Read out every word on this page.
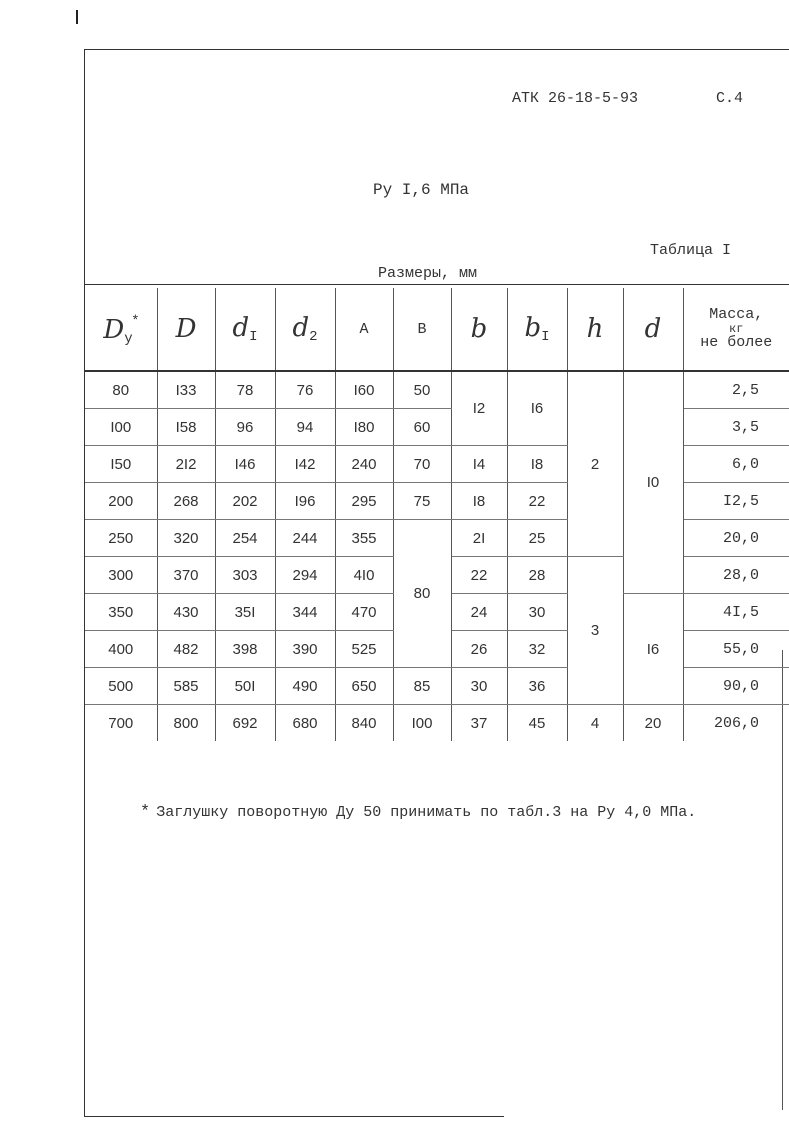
АТК 26-18-5-93	С.4
Ру I,6 МПа
Таблица I
Размеры, мм
Dу*	D	dI	d2	А	В	b	bI	h	d	Масса,
кг
не более

80	I33	78	76	I60	50	I2	I6	2	I0	2,5
I00	I58	96	94	I80	60					3,5
I50	2I2	I46	I42	240	70	I4	I8			6,0
200	268	202	I96	295	75	I8	22			I2,5
250	320	254	244	355	80	2I	25			20,0
300	370	303	294	4I0		22	28	3		28,0
350	430	35I	344	470		24	30		I6	4I,5
400	482	398	390	525		26	32			55,0
500	585	50I	490	650	85	30	36			90,0
700	800	692	680	840	I00	37	45	4	20	206,0
* Заглушку поворотную Ду 50 принимать по табл.3 на Ру 4,0 МПа.
